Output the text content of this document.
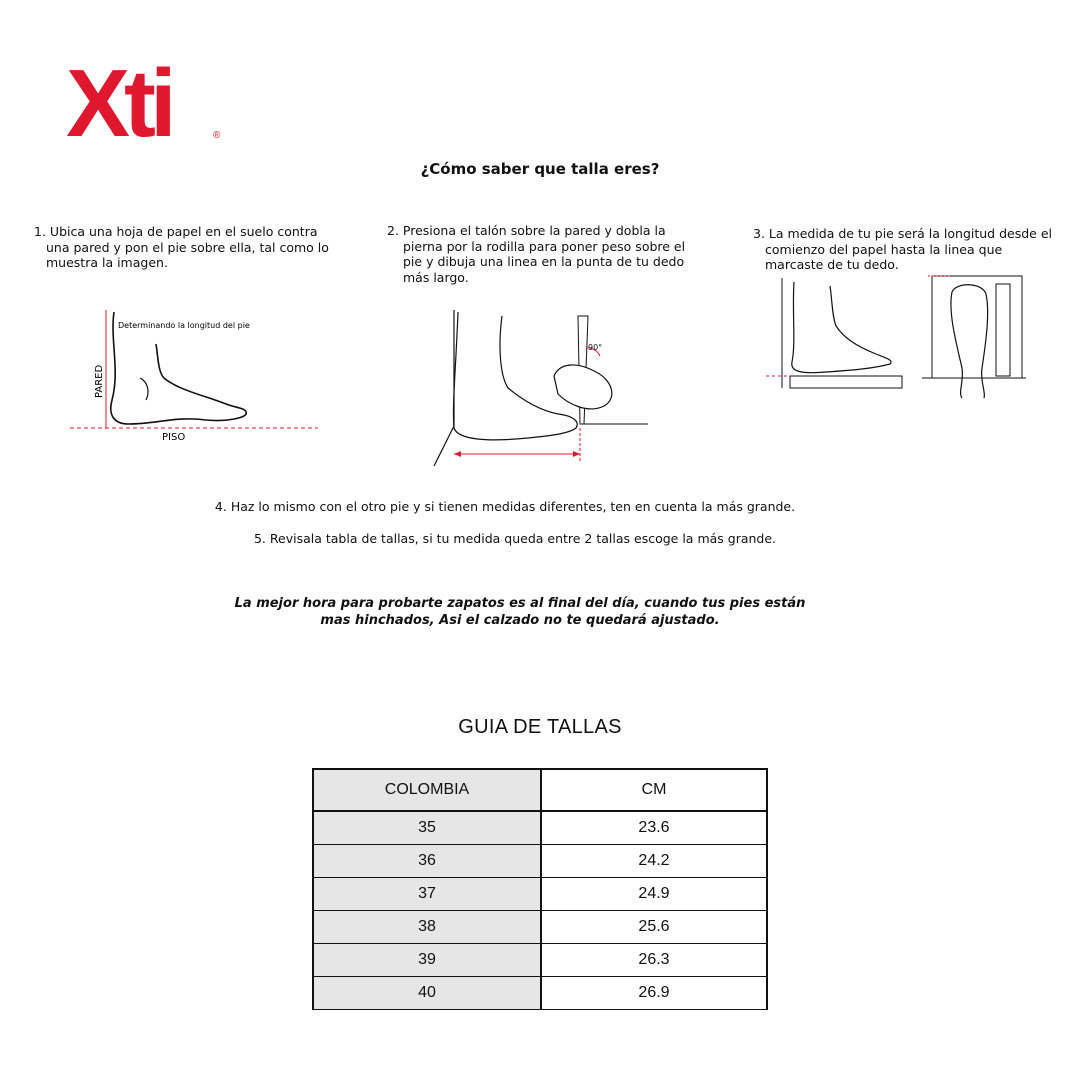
Xti	®
¿Cómo saber que talla eres?

1. Ubica una hoja de papel en el suelo contra una pared y pon el pie sobre ella, tal como lo muestra la imagen.

2. Presiona el talón sobre la pared y dobla la pierna por la rodilla para poner peso sobre el pie y dibuja una linea en la punta de tu dedo más largo.

3. La medida de tu pie será la longitud desde el comienzo del papel hasta la linea que marcaste de tu dedo.

Determinando la longitud del pie
PARED
PISO
90°
4. Haz lo mismo con el otro pie y si tienen medidas diferentes, ten en cuenta la más grande.
5. Revisala tabla de tallas, si tu medida queda entre 2 tallas escoge la más grande.
La mejor hora para probarte zapatos es al final del día, cuando tus pies están mas hinchados, Asi el calzado no te quedará ajustado.
GUIA DE TALLAS
COLOMBIA	CM
35	23.6
36	24.2
37	24.9
38	25.6
39	26.3
40	26.9
